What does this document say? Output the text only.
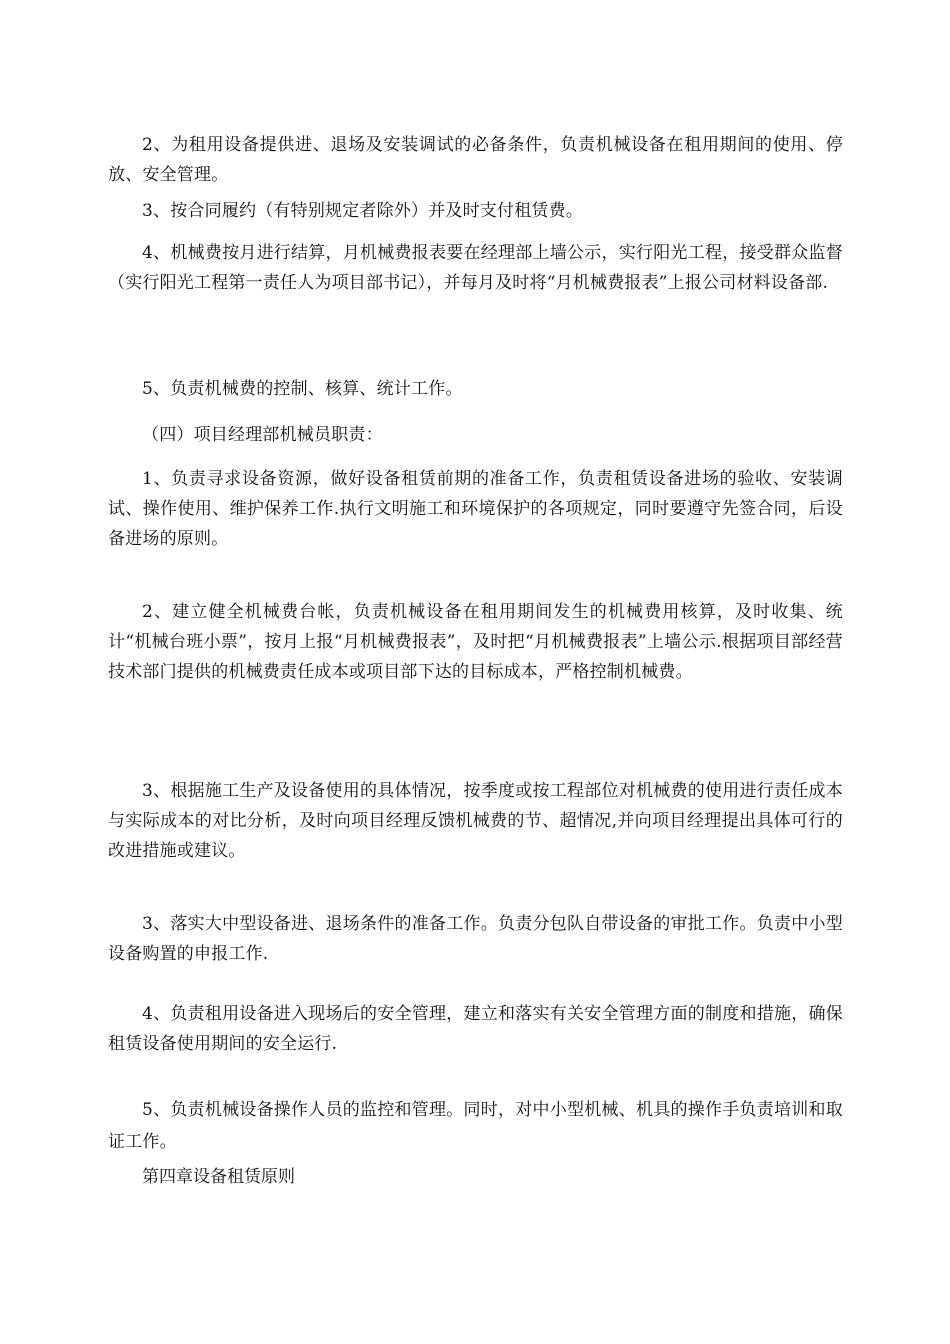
2、为租用设备提供进、退场及安装调试的必备条件，负责机械设备在租用期间的使用、停放、安全管理。

3、按合同履约（有特别规定者除外）并及时支付租赁费。

4、机械费按月进行结算，月机械费报表要在经理部上墙公示，实行阳光工程，接受群众监督（实行阳光工程第一责任人为项目部书记），并每月及时将“月机械费报表”上报公司材料设备部.

5、负责机械费的控制、核算、统计工作。

（四）项目经理部机械员职责：

1、负责寻求设备资源，做好设备租赁前期的准备工作，负责租赁设备进场的验收、安装调试、操作使用、维护保养工作.执行文明施工和环境保护的各项规定，同时要遵守先签合同，后设备进场的原则。

2、建立健全机械费台帐，负责机械设备在租用期间发生的机械费用核算，及时收集、统计“机械台班小票”，按月上报“月机械费报表”，及时把“月机械费报表”上墙公示.根据项目部经营技术部门提供的机械费责任成本或项目部下达的目标成本，严格控制机械费。

3、根据施工生产及设备使用的具体情况，按季度或按工程部位对机械费的使用进行责任成本与实际成本的对比分析，及时向项目经理反馈机械费的节、超情况,并向项目经理提出具体可行的改进措施或建议。

3、落实大中型设备进、退场条件的准备工作。负责分包队自带设备的审批工作。负责中小型设备购置的申报工作.

4、负责租用设备进入现场后的安全管理，建立和落实有关安全管理方面的制度和措施，确保租赁设备使用期间的安全运行.

5、负责机械设备操作人员的监控和管理。同时，对中小型机械、机具的操作手负责培训和取证工作。

第四章设备租赁原则
